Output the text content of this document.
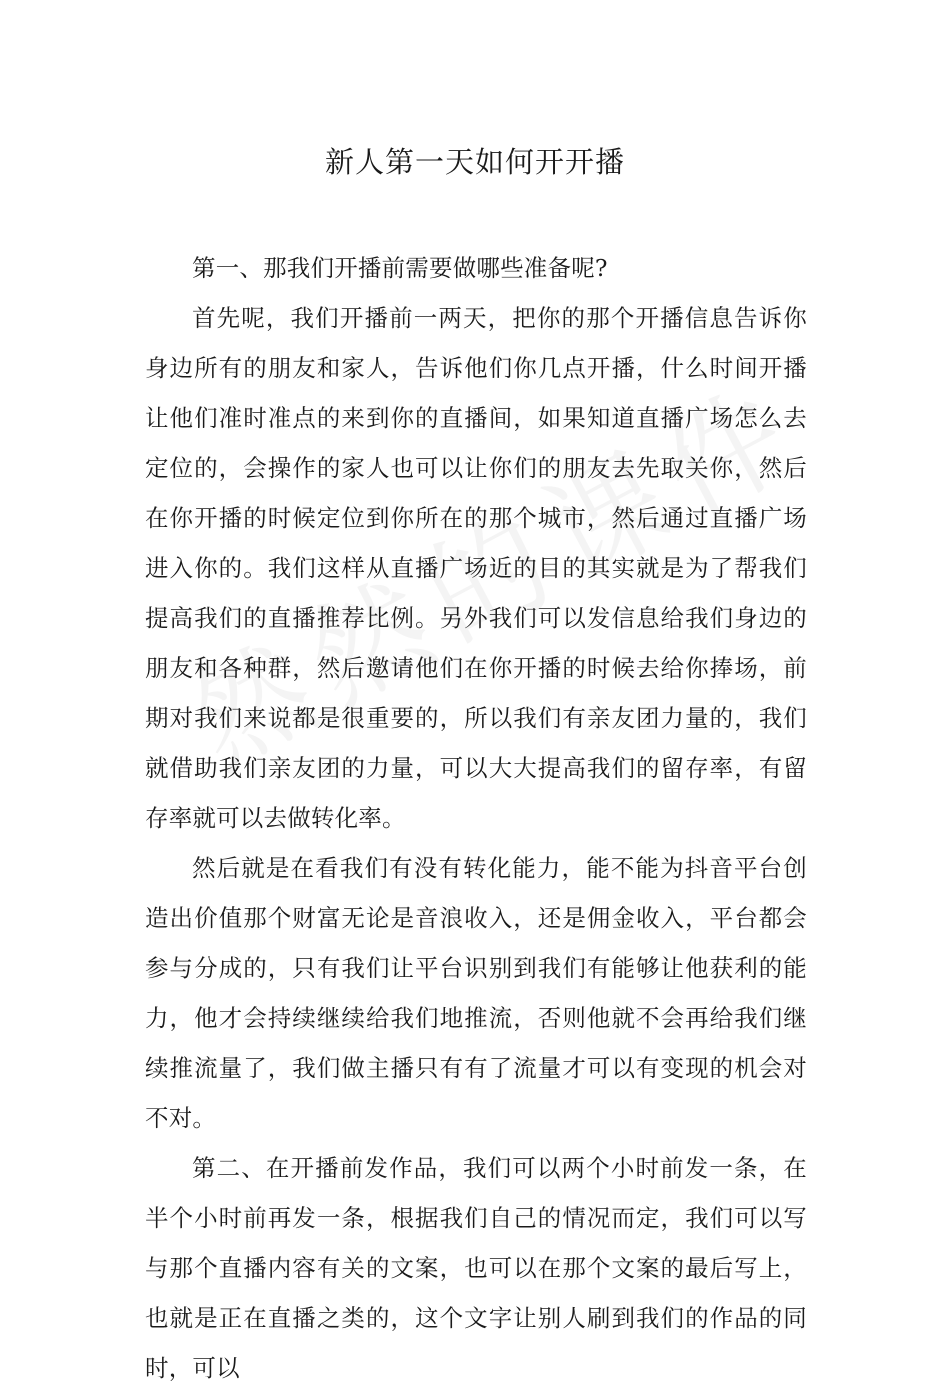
新人第一天如何开开播

第一、那我们开播前需要做哪些准备呢?

首先呢，我们开播前一两天，把你的那个开播信息告诉你身边所有的朋友和家人，告诉他们你几点开播，什么时间开播让他们准时准点的来到你的直播间，如果知道直播广场怎么去定位的，会操作的家人也可以让你们的朋友去先取关你，然后在你开播的时候定位到你所在的那个城市，然后通过直播广场进入你的。我们这样从直播广场近的目的其实就是为了帮我们提高我们的直播推荐比例。另外我们可以发信息给我们身边的朋友和各种群，然后邀请他们在你开播的时候去给你捧场，前期对我们来说都是很重要的，所以我们有亲友团力量的，我们就借助我们亲友团的力量，可以大大提高我们的留存率，有留存率就可以去做转化率。

然后就是在看我们有没有转化能力，能不能为抖音平台创造出价值那个财富无论是音浪收入，还是佣金收入，平台都会参与分成的，只有我们让平台识别到我们有能够让他获利的能力，他才会持续继续给我们地推流，否则他就不会再给我们继续推流量了，我们做主播只有有了流量才可以有变现的机会对不对。

第二、在开播前发作品，我们可以两个小时前发一条，在半个小时前再发一条，根据我们自己的情况而定，我们可以写与那个直播内容有关的文案，也可以在那个文案的最后写上，也就是正在直播之类的，这个文字让别人刷到我们的作品的同时，可以
